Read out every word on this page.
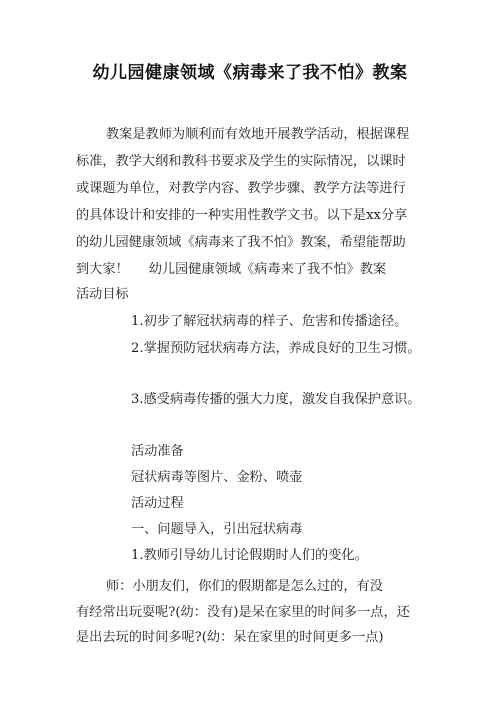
幼儿园健康领域《病毒来了我不怕》教案
教案是教师为顺利而有效地开展教学活动，根据课程
标准，教学大纲和教科书要求及学生的实际情况，以课时
或课题为单位，对教学内容、教学步骤、教学方法等进行
的具体设计和安排的一种实用性教学文书。以下是xx分享
的幼儿园健康领域《病毒来了我不怕》教案，希望能帮助
到大家！ 幼儿园健康领域《病毒来了我不怕》教案
活动目标
1.初步了解冠状病毒的样子、危害和传播途径。
2.掌握预防冠状病毒方法，养成良好的卫生习惯。
3.感受病毒传播的强大力度，激发自我保护意识。
活动准备
冠状病毒等图片、金粉、喷壶
活动过程
一、问题导入，引出冠状病毒
1.教师引导幼儿讨论假期时人们的变化。
师：小朋友们，你们的假期都是怎么过的，有没
有经常出玩耍呢?(幼：没有)是呆在家里的时间多一点，还
是出去玩的时间多呢?(幼：呆在家里的时间更多一点)
